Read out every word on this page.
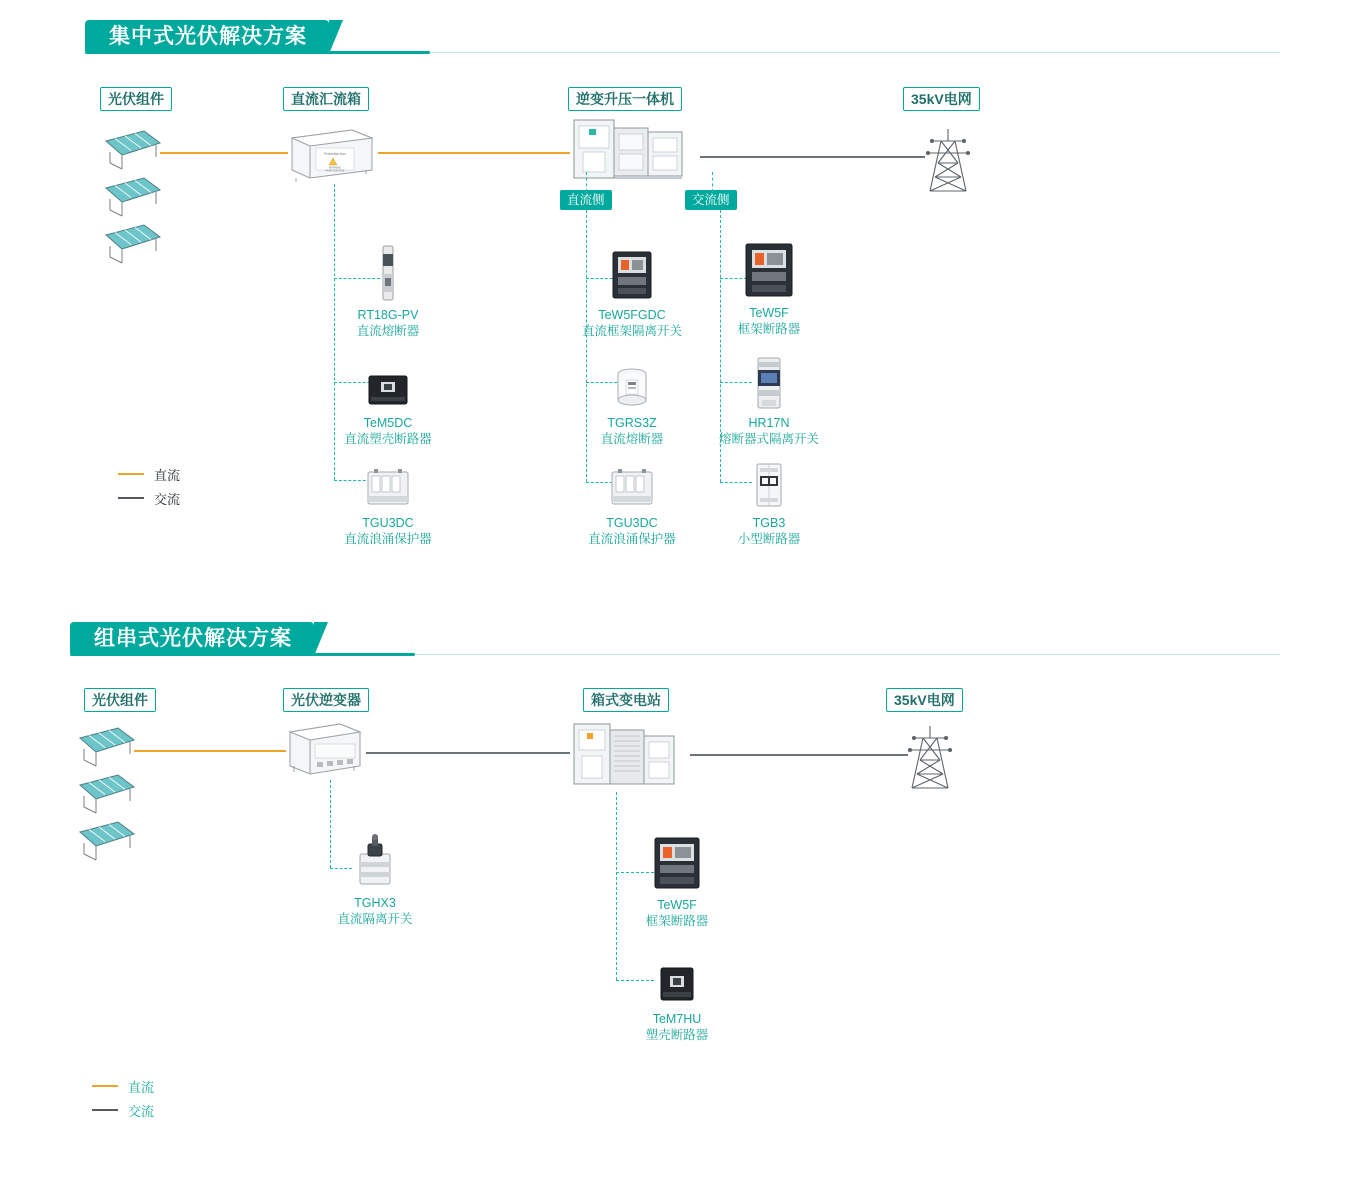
集中式光伏解决方案
光伏组件	直流汇流箱	逆变升压一体机	35kV电网
Protection box
WARNING
HIGH VOLTAGE
直流侧	交流侧
RT18G-PV
直流熔断器
TeM5DC
直流塑壳断路器
TGU3DC
直流浪涌保护器
TeW5FGDC
直流框架隔离开关
TGRS3Z
直流熔断器
TGU3DC
直流浪涌保护器
TeW5F
框架断路器
HR17N
熔断器式隔离开关
TGB3
小型断路器
直流
交流
组串式光伏解决方案
光伏组件	光伏逆变器	箱式变电站	35kV电网
TGHX3
直流隔离开关
TeW5F
框架断路器
TeM7HU
塑壳断路器
直流
交流
